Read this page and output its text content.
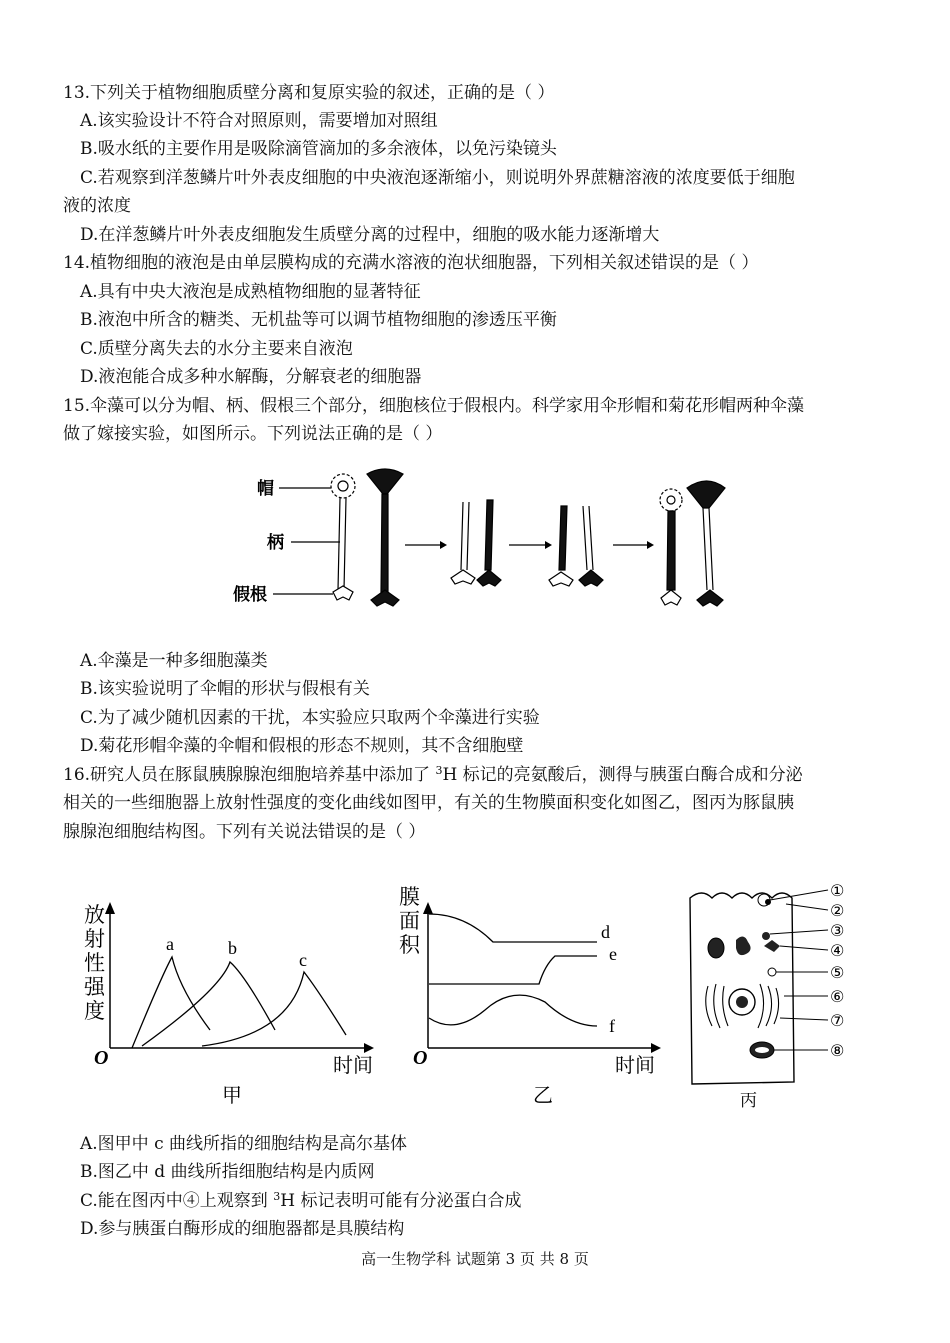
13.下列关于植物细胞质壁分离和复原实验的叙述，正确的是（ ）
A.该实验设计不符合对照原则，需要增加对照组
B.吸水纸的主要作用是吸除滴管滴加的多余液体，以免污染镜头
C.若观察到洋葱鳞片叶外表皮细胞的中央液泡逐渐缩小，则说明外界蔗糖溶液的浓度要低于细胞
液的浓度
D.在洋葱鳞片叶外表皮细胞发生质壁分离的过程中，细胞的吸水能力逐渐增大
14.植物细胞的液泡是由单层膜构成的充满水溶液的泡状细胞器，下列相关叙述错误的是（ ）
A.具有中央大液泡是成熟植物细胞的显著特征
B.液泡中所含的糖类、无机盐等可以调节植物细胞的渗透压平衡
C.质壁分离失去的水分主要来自液泡
D.液泡能合成多种水解酶，分解衰老的细胞器
15.伞藻可以分为帽、柄、假根三个部分，细胞核位于假根内。科学家用伞形帽和菊花形帽两种伞藻
做了嫁接实验，如图所示。下列说法正确的是（ ）
帽
柄
假根
A.伞藻是一种多细胞藻类
B.该实验说明了伞帽的形状与假根有关
C.为了减少随机因素的干扰，本实验应只取两个伞藻进行实验
D.菊花形帽伞藻的伞帽和假根的形态不规则，其不含细胞壁
16.研究人员在豚鼠胰腺腺泡细胞培养基中添加了 $^3$H 标记的亮氨酸后，测得与胰蛋白酶合成和分泌
相关的一些细胞器上放射性强度的变化曲线如图甲，有关的生物膜面积变化如图乙，图丙为豚鼠胰
腺腺泡细胞结构图。下列有关说法错误的是（ ）
放射性强度
O	时间
甲
a	b
c
膜面积
O	时间
乙
d
e
f
①
②
③
④
⑤
⑥
⑦
⑧
丙
A.图甲中 c 曲线所指的细胞结构是高尔基体
B.图乙中 d 曲线所指细胞结构是内质网
C.能在图丙中④上观察到 $^3$H 标记表明可能有分泌蛋白合成
D.参与胰蛋白酶形成的细胞器都是具膜结构
高一生物学科 试题第 3 页 共 8 页
